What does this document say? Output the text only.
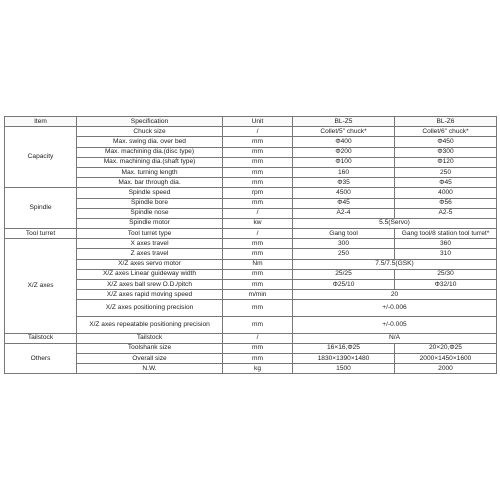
Item	Specification	Unit	BL-Z5	BL-Z6
Capacity	Chuck size	/	Collet/5" chuck*	Collet/6" chuck*
	Max. swing dia. over bed	mm	Φ400	Φ450
	Max. machining dia.(disc type)	mm	Φ200	Φ300
	Max. machining dia.(shaft type)	mm	Φ100	Φ120
	Max. turning length	mm	160	250
	Max. bar through dia.	mm	Φ35	Φ45
Spindle	Spindle speed	rpm	4500	4000
	Spindle bore	mm	Φ45	Φ56
	Spindle nose	/	A2-4	A2-5
	Spindle motor	kw	5.5(Servo)	
Tool turret	Tool turret type	/	Gang tool	Gang tool/8 station tool turret*
X/Z axes	X axes travel	mm	300	360
	Z axes travel	mm	250	310
	X/Z axes servo motor	Nm	7.5/7.5(GSK)	
	X/Z axes Linear guideway width	mm	25/25	25/30
	X/Z axes ball srew O.D./pitch	mm	Φ25/10	Φ32/10
	X/Z axes rapid moving speed	m/min	20	
	X/Z axes positioning precision	mm	+/-0.006	
	X/Z axes repeatable positioning precision	mm	+/-0.005	
Tailstock	Tailstock	/	N/A	
Others	Toolshank size	mm	16×16,Φ25	20×20,Φ25
	Overall size	mm	1830×1390×1480	2000×1450×1600
	N.W.	kg	1500	2000
